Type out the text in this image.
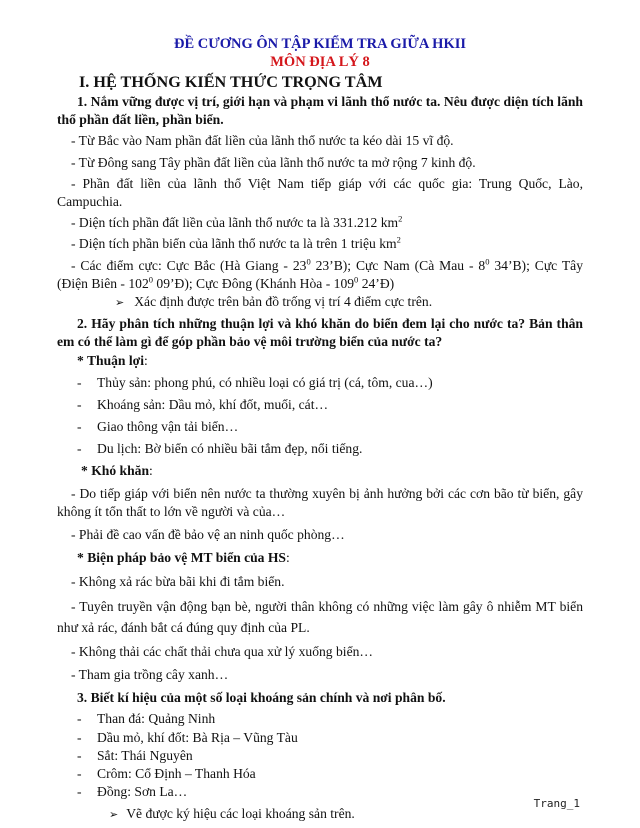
ĐỀ CƯƠNG ÔN TẬP KIỂM TRA GIỮA HKII
MÔN ĐỊA LÝ 8
I. HỆ THỐNG KIẾN THỨC TRỌNG TÂM
1. Nắm vững được vị trí, giới hạn và phạm vi lãnh thổ nước ta. Nêu được diện tích lãnh thổ phần đất liền, phần biển.
- Từ Bắc vào Nam phần đất liền của lãnh thổ nước ta kéo dài 15 vĩ độ.
- Từ Đông sang Tây phần đất liền của lãnh thổ nước ta mở rộng 7 kinh độ.
- Phần đất liền của lãnh thổ Việt Nam tiếp giáp với các quốc gia: Trung Quốc, Lào, Campuchia.
- Diện tích phần đất liền của lãnh thổ nước ta là 331.212 $km^2$
- Diện tích phần biển của lãnh thổ nước ta là trên 1 triệu $km^2$
- Các điểm cực: Cực Bắc (Hà Giang - $23^0$ 23’B); Cực Nam (Cà Mau - $8^0$ 34’B); Cực Tây (Điện Biên - $102^0$ 09’Đ); Cực Đông (Khánh Hòa - $109^0$ 24’Đ)
➢ Xác định được trên bản đồ trống vị trí 4 điểm cực trên.
2. Hãy phân tích những thuận lợi và khó khăn do biển đem lại cho nước ta? Bản thân em có thể làm gì để góp phần bảo vệ môi trường biển của nước ta?
* Thuận lợi:
- Thủy sản: phong phú, có nhiều loại có giá trị (cá, tôm, cua…)
- Khoáng sản: Dầu mỏ, khí đốt, muối, cát…
- Giao thông vận tải biển…
- Du lịch: Bờ biển có nhiều bãi tắm đẹp, nổi tiếng.
* Khó khăn:
- Do tiếp giáp với biển nên nước ta thường xuyên bị ảnh hưởng bởi các cơn bão từ biển, gây không ít tổn thất to lớn về người và của…
- Phải đề cao vấn đề bảo vệ an ninh quốc phòng…
* Biện pháp bảo vệ MT biển của HS:
- Không xả rác bừa bãi khi đi tắm biển.
- Tuyên truyền vận động bạn bè, người thân không có những việc làm gây ô nhiễm MT biển như xả rác, đánh bắt cá đúng quy định của PL.
- Không thải các chất thải chưa qua xử lý xuống biển…
- Tham gia trồng cây xanh…
3. Biết kí hiệu của một số loại khoáng sản chính và nơi phân bố.
- Than đá: Quảng Ninh
- Dầu mỏ, khí đốt: Bà Rịa – Vũng Tàu
- Sắt: Thái Nguyên
- Crôm: Cổ Định – Thanh Hóa
- Đồng: Sơn La…
➢ Vẽ được ký hiệu các loại khoáng sản trên.
Trang_1
